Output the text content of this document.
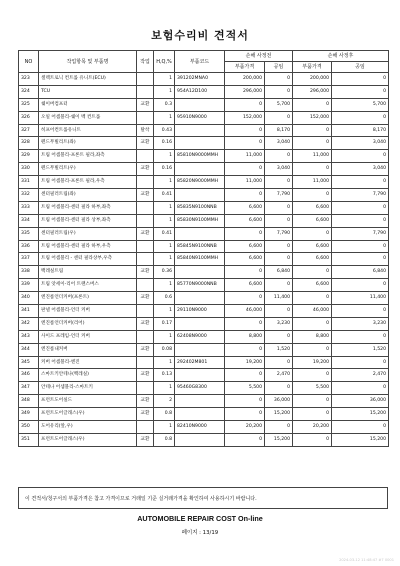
보험수리비 견적서
NO	작업항목 및 부품명	작업	H,Q,%	부품코드	손해 사정전		손해 사정후	
					부품가격	공임	부품가격	공임
323	셀렉트로닉 컨트롤 유니트(ECU)		1	391202MNA0	200,000	0	200,000	0
324	TCU		1	954A12D100	296,000	0	296,000	0
325	쉐이버컴프터	교환	0.3		0	5,700	0	5,700
326	오일 어셈블리-쉐이 벡 컨트롤		1	95910N9000	152,000	0	152,000	0
327	히프어컨트롤유니트	탈착	0.43		0	8,170	0	8,170
328	펜드무빌리트(좌)	교환	0.16		0	3,040	0	3,040
329	트림 어셈블리-프론트 필라,좌측		1	85810N9000MMH	11,000	0	11,000	0
330	펜드무빌리트(우)	교환	0.16		0	3,040	0	3,040
331	트림 어셈블리-프론트 필라,우측		1	85820N9000MMH	11,000	0	11,000	0
332	센터필러트림(좌)	교환	0.41		0	7,790	0	7,790
333	트림 어셈블리-센터 필라 하부,좌측		1	85835N9100NNB	6,600	0	6,600	0
334	트림 어셈블리-센터 필라 상부,좌측		1	85830N9100MMH	6,600	0	6,600	0
335	센터필러트림(우)	교환	0.41		0	7,790	0	7,790
336	트림 어셈블리-센터 필라 하부,우측		1	85845N9100NNB	6,600	0	6,600	0
337	트림 어셈블리 - 센터 필라상부,우측		1	85840N9100MMH	6,600	0	6,600	0
338	백레실트림	교환	0.36		0	6,840	0	6,840
339	트림 앗세이-리어 트랜스버스		1	85770N9000NNB	6,600	0	6,600	0
340	엔진룸언더커버(프론트)	교환	0.6		0	11,400	0	11,400
341	판넬 어셈블리-언더 커버		1	29110N9000	46,000	0	46,000	0
342	엔진룸언더커버(리어)	교환	0.17		0	3,230	0	3,230
343	사이드 프레임-언더 커버		1	62408N9000	8,800	0	8,800	0
344	엔진룸내커버	교환	0.08		0	1,520	0	1,520
345	커버 어셈블리-엔진		1	292402M801	19,200	0	19,200	0
346	스마트키안테나(백레실)	교환	0.13		0	2,470	0	2,470
347	안테나 어셈블리-스마트키		1	95460G8300	5,500	0	5,500	0
348	프런트도어실드	교환	2		0	36,000	0	36,000
349	프런트도어글래스(우)	교환	0.8		0	15,200	0	15,200
350	도어유리(앞,우)		1	82410N9000	20,200	0	20,200	0
351	프런트도어글래스(우)	교환	0.8		0	15,200	0	15,200
이 견적서/청구서의 부품가격은 참고 가격이므로 거래일 기준 실거래가격을 확인하여 사용하시기 바랍니다.
AUTOMOBILE REPAIR COST On-line
페이지 : 13/19
2024-03-12 11:48:47 #7 0001
